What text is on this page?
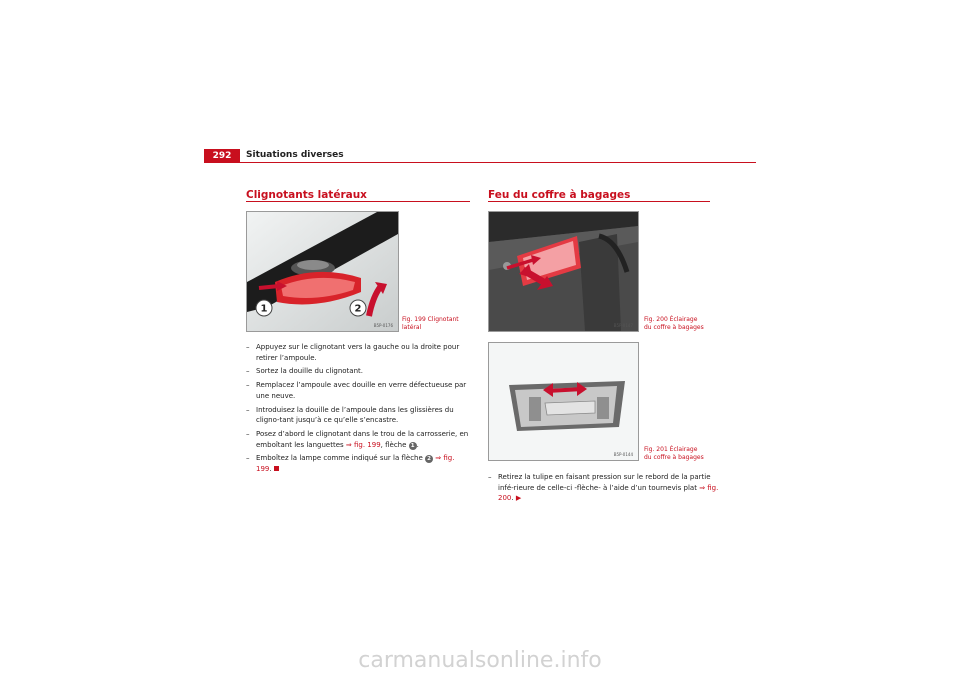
292	Situations diverses
Clignotants latéraux
1	2
B5P-0176
Fig. 199 Clignotant latéral
– Appuyez sur le clignotant vers la gauche ou la droite pour retirer l’ampoule.
– Sortez la douille du clignotant.
– Remplacez l’ampoule avec douille en verre défectueuse par une neuve.
– Introduisez la douille de l’ampoule dans les glissières du cligno-tant jusqu’à ce qu’elle s’encastre.
– Posez d’abord le clignotant dans le trou de la carrosserie, en emboîtant les languettes ⇒ fig. 199, flèche 1 .
– Emboîtez la lampe comme indiqué sur la flèche 2 ⇒ fig. 199.
Feu du coffre à bagages
B5P-0147
Fig. 200 Éclairage du coffre à bagages
B5P-0144
Fig. 201 Éclairage du coffre à bagages
– Retirez la tulipe en faisant pression sur le rebord de la partie infé-rieure de celle-ci -flèche- à l’aide d’un tournevis plat ⇒ fig. 200. ▶
carmanualsonline.info
